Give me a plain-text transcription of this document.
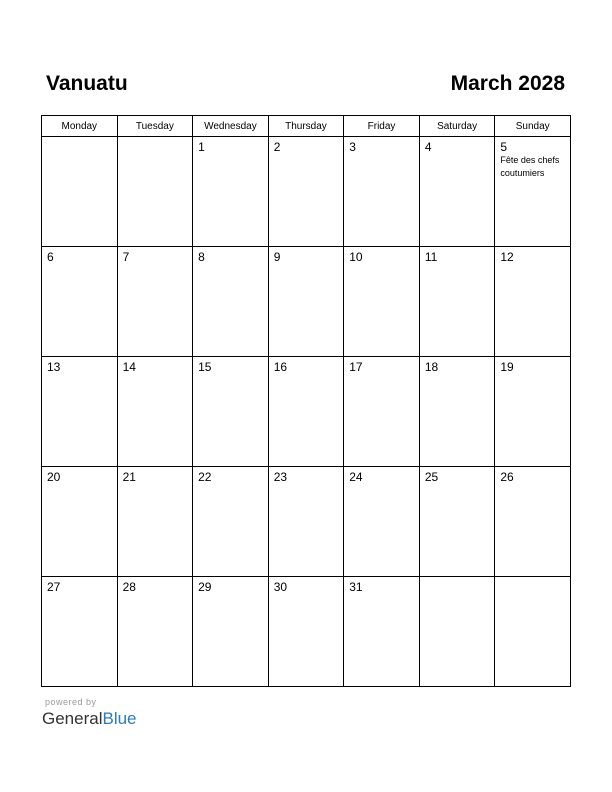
Vanuatu	March 2028
Monday	Tuesday	Wednesday	Thursday	Friday	Saturday	Sunday

		1	2	3	4	5
Fête des chefs coutumiers

6	7	8	9	10	11	12

13	14	15	16	17	18	19

20	21	22	23	24	25	26

27	28	29	30	31		

powered by
GeneralBlue
